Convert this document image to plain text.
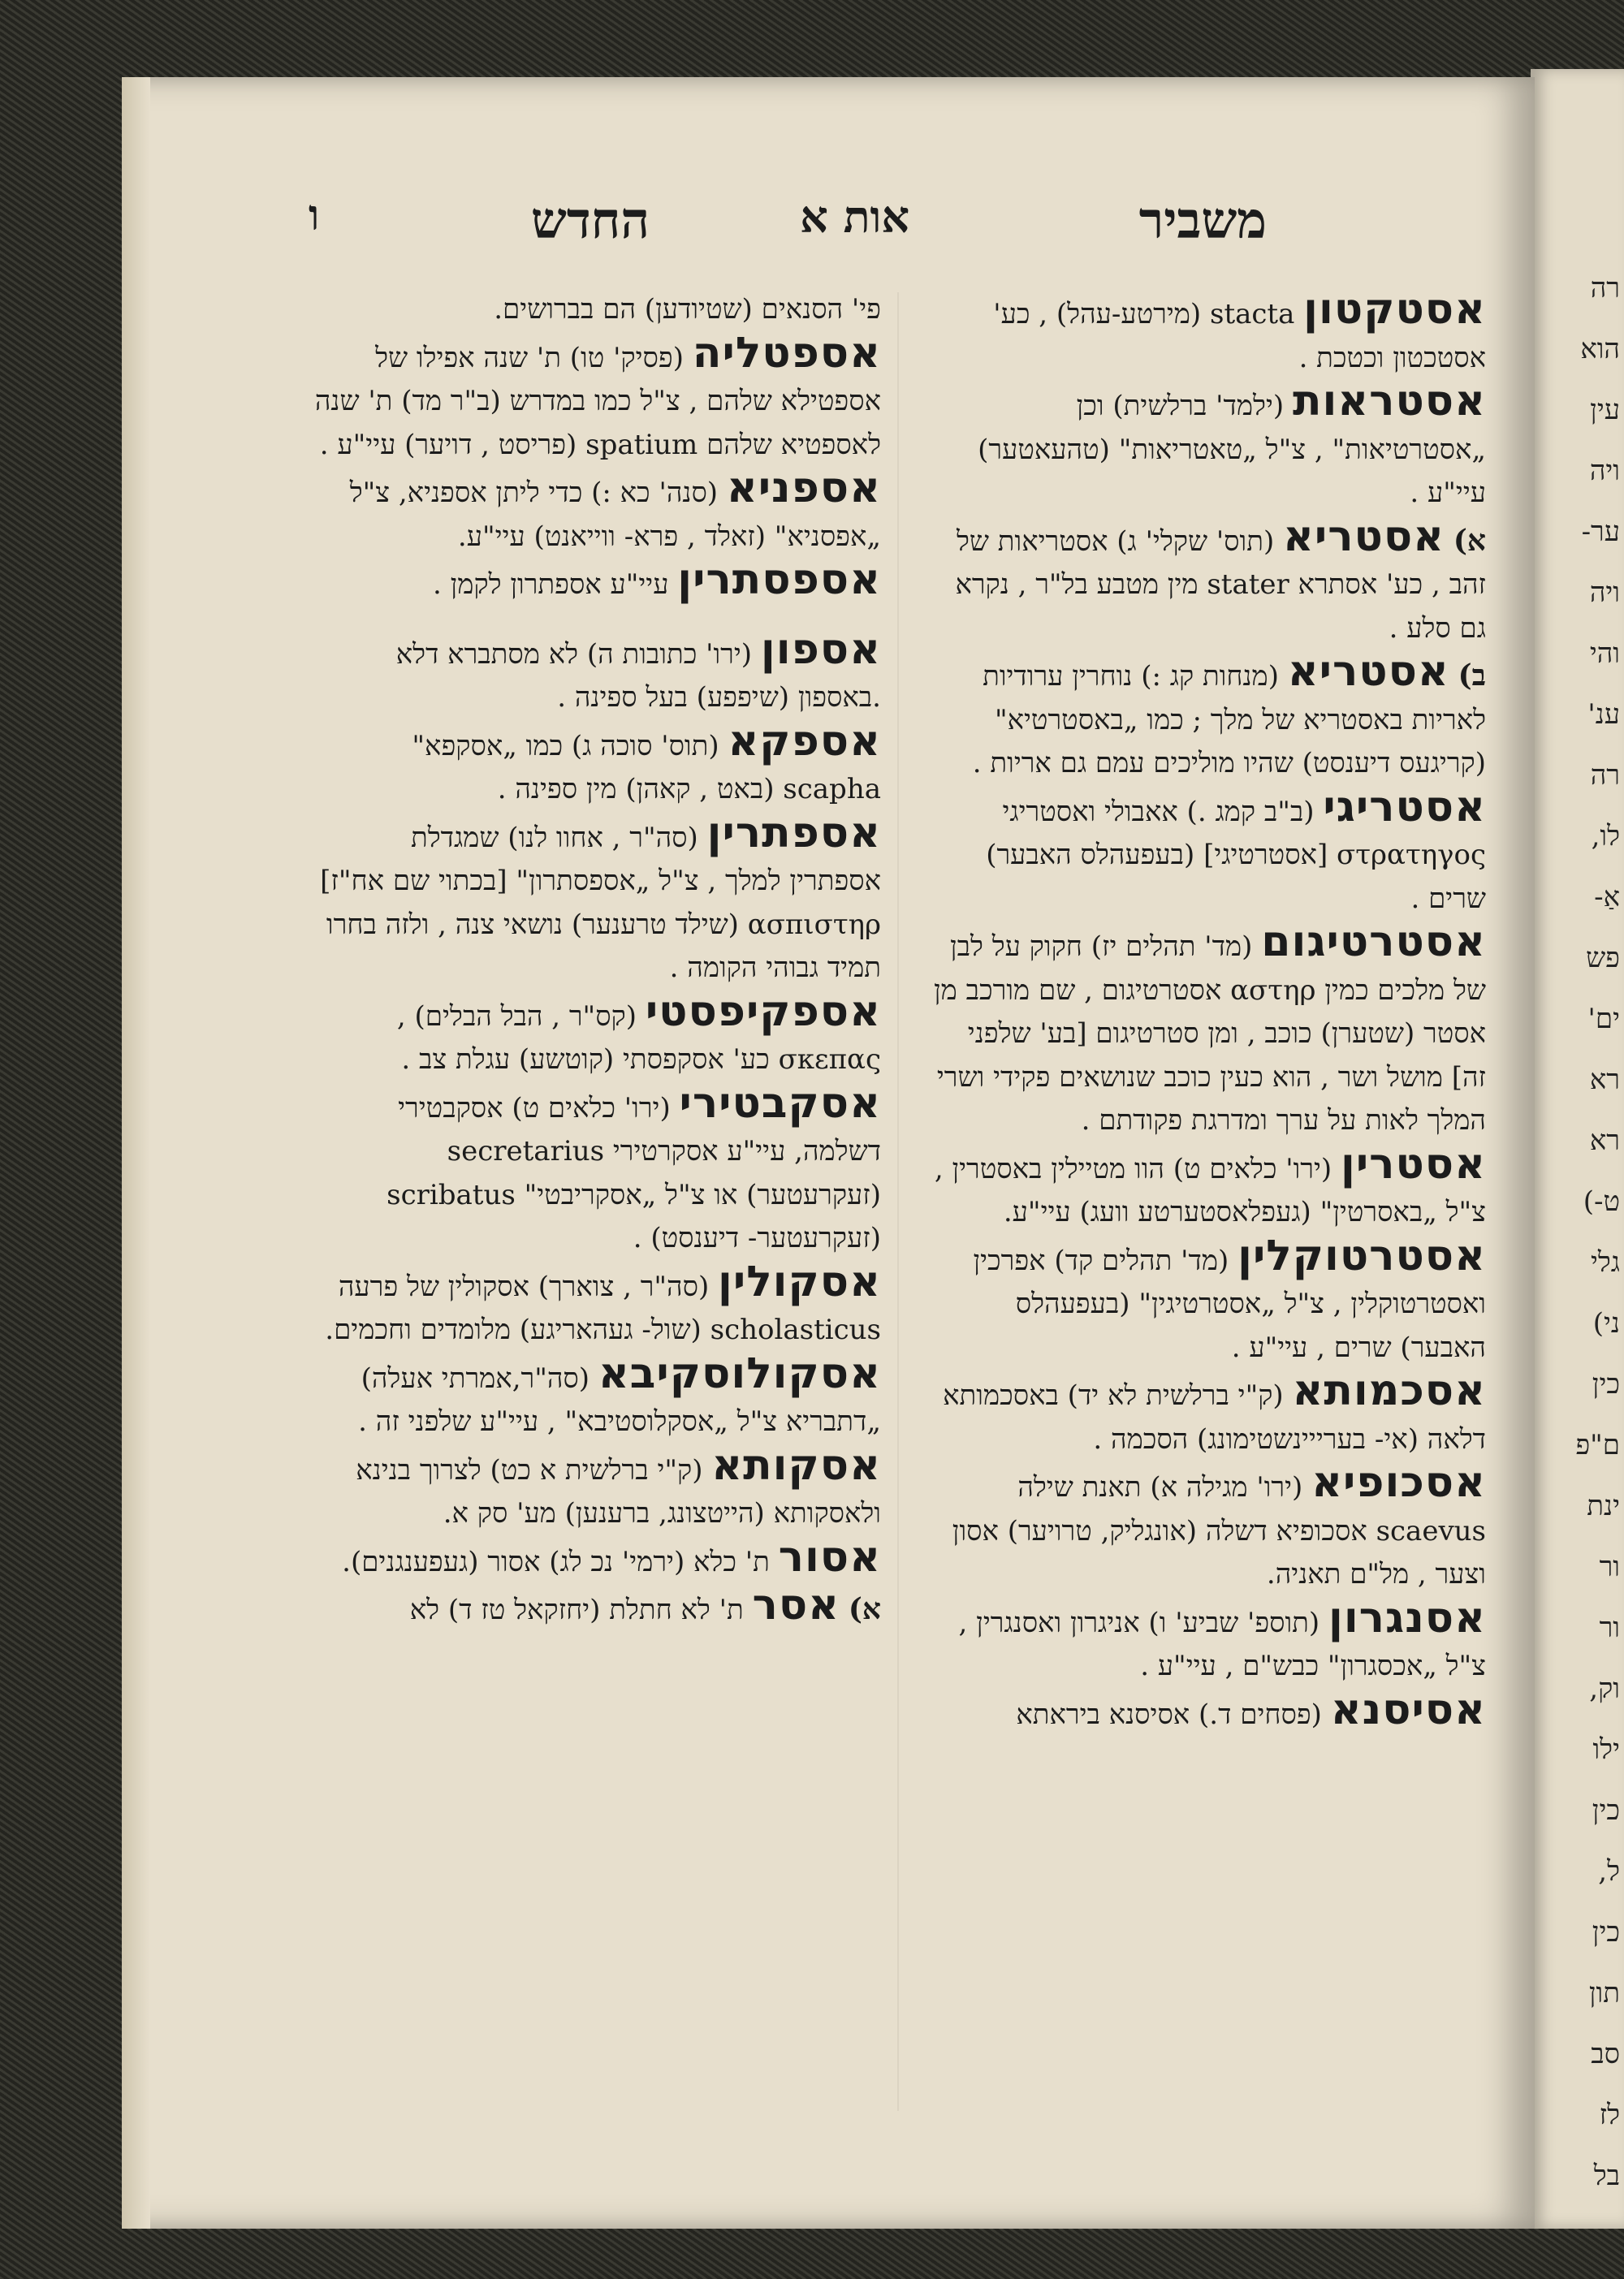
רה
הוא
עין
ויה
ער-
ויה
והי
ענ'
רה
לו,
אַ-
פש
ים'
רא
רא
ט-)
גלי
ני)
כין
ם"פ
ינת
ור
ור
וק,
ילו
כין
ל,
כין
תון
סב
לז
בל
משביר
אות א
החדש
ו

אסטקטון stacta (מירטע-עהל) , כע' אסטכטון וכטכת .

אסטראות (ילמד' ברלשית) וכן „אסטרטיאות" , צ"ל „טאטריאות" (טהעאטער) עיי"ע .

א) אסטריא (תוס' שקלי' ג) אסטריאות של זהב , כע' אסתרא stater מין מטבע בל"ר , נקרא גם סלע .

ב) אסטריא (מנחות קג :) נוחרין ערודיות לאריות באסטריא של מלך ; כמו „באסטרטיא" (קריגעס דיענסט) שהיו מוליכים עמם גם אריות .

אסטריגי (ב"ב קמג .) אאבולי ואסטריגי στρατηγος [אסטרטיגי] (בעפעהלס האבער) שרים .

אסטרטיגום (מד' תהלים יז) חקוק על לבן של מלכים כמין αστηρ אסטרטיגום , שם מורכב מן אסטר (שטערן) כוכב , ומן סטרטיגום [בע' שלפני זה] מושל ושר , הוא כעין כוכב שנושאים פקידי ושרי המלך לאות על ערך ומדרגת פקודתם .

אסטרין (ירו' כלאים ט) הוו מטיילין באסטרין , צ"ל „באסרטין" (געפלאסטערטע וועג) עיי"ע.

אסטרטוקלין (מד' תהלים קד) אפרכין ואסטרטוקלין , צ"ל „אסטרטיגין" (בעפעהלס האבער) שרים , עיי"ע .

אסכמותא (ק"י ברלשית לא יד) באסכמותא דלאה (אי- בערייינשטימונג) הסכמה .

אסכופיא (ירו' מגילה א) תאנת שילה scaevus אסכופיא דשלה (אונגליק, טרויער) אסון וצער , מל"ם תאניה.

אסנגרון (תוספ' שביע' ו) אניגרון ואסנגרין , צ"ל „אכסגרון" כבש"ם , עיי"ע .

אסיסנא (פסחים ד.) אסיסנא ביראתא

פי' הסנאים (שטיודען) הם בברושים.

אספטליה (פסיק' טו) ת' שנה אפילו של אספטילא שלהם , צ"ל כמו במדרש (ב"ר מד) ת' שנה לאספטיא שלהם spatium (פריסט , דויער) עיי"ע .

אספניא (סנה' כא :) כדי ליתן אספניא, צ"ל „אפסניא" (זאלד , פרא- ווייאנט) עיי"ע.

אספסתרין עיי"ע אספתרון לקמן .

אספון (ירו' כתובות ה) לא מסתברא דלא .באספון (שיפפע) בעל ספינה .

אספקא (תוס' סוכה ג) כמו „אסקפא" scapha (באט , קאהן) מין ספינה .

אספתרין (סה"ר , אחוו לנו) שמגדלת אספתרין למלך , צ"ל „אספסתרון" [בכתוי שם אח"ז] ασπιστηρ (שילד טרענער) נושאי צנה , ולזה בחרו תמיד גבוהי הקומה .

אספקיפסטי (קס"ר , הבל הבלים) , σκεπας כע' אסקפסתי (קוטשע) עגלת צב .

אסקבטירי (ירו' כלאים ט) אסקבטירי דשלמה, עיי"ע אסקרטירי secretarius (זעקרעטער) או צ"ל „אסקריבטי" scribatus (זעקרעטער- דיענסט) .

אסקולין (סה"ר , צוארך) אסקולין של פרעה scholasticus (שול- געהאריגע) מלומדים וחכמים.

אסקולוסקיבא (סה"ר,אמרתי אעלה) „דתבריא צ"ל „אסקלוסטיבא" , עיי"ע שלפני זה .

אסקותא (ק"י ברלשית א כט) לצרוך בנינא ולאסקותא (הייטצונג, ברענען) מע' סק א.

אסור ת' כלא (ירמי' נכ לג) אסור (געפענגנים).

א) אסר ת' לא חתלת (יחזקאל טז ד) לא
